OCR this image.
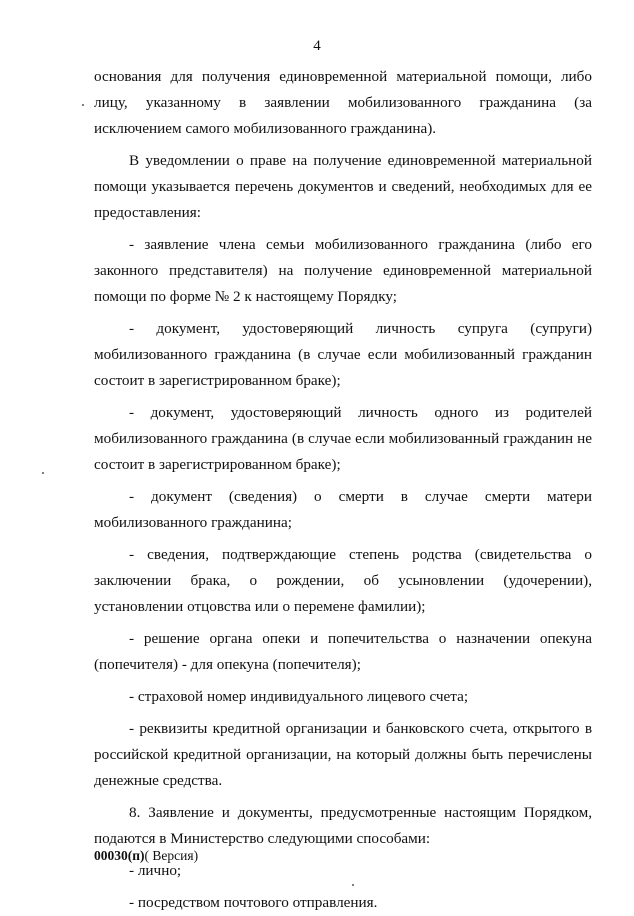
4

основания для получения единовременной материальной помощи, либо лицу, указанному в заявлении мобилизованного гражданина (за исключением самого мобилизованного гражданина).

В уведомлении о праве на получение единовременной материальной помощи указывается перечень документов и сведений, необходимых для ее предоставления:

- заявление члена семьи мобилизованного гражданина (либо его законного представителя) на получение единовременной материальной помощи по форме № 2 к настоящему Порядку;

- документ, удостоверяющий личность супруга (супруги) мобилизованного гражданина (в случае если мобилизованный гражданин состоит в зарегистрированном браке);

- документ, удостоверяющий личность одного из родителей мобилизованного гражданина (в случае если мобилизованный гражданин не состоит в зарегистрированном браке);

- документ (сведения) о смерти в случае смерти матери мобилизованного гражданина;

- сведения, подтверждающие степень родства (свидетельства о заключении брака, о рождении, об усыновлении (удочерении), установлении отцовства или о перемене фамилии);

- решение органа опеки и попечительства о назначении опекуна (попечителя) - для опекуна (попечителя);

- страховой номер индивидуального лицевого счета;

- реквизиты кредитной организации и банковского счета, открытого в российской кредитной организации, на который должны быть перечислены денежные средства.

8. Заявление и документы, предусмотренные настоящим Порядком, подаются в Министерство следующими способами:

- лично;

- посредством почтового отправления.

00030(п)( Версия)
